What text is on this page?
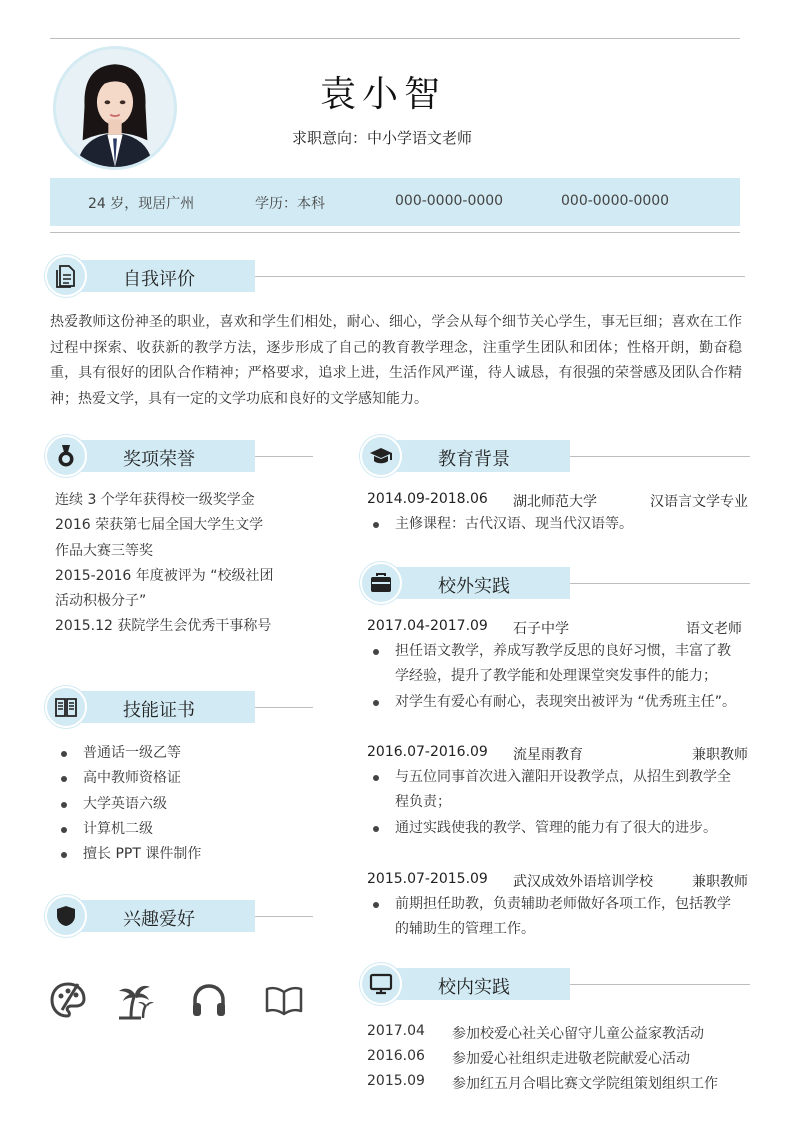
袁小智
求职意向：中小学语文老师
24 岁，现居广州	学历：本科	000-0000-0000	000-0000-0000
自我评价
热爱教师这份神圣的职业，喜欢和学生们相处，耐心、细心，学会从每个细节关心学生，事无巨细；喜欢在工作过程中探索、收获新的教学方法，逐步形成了自己的教育教学理念，注重学生团队和团体；性格开朗，勤奋稳重，具有很好的团队合作精神；严格要求，追求上进，生活作风严谨，待人诚恳，有很强的荣誉感及团队合作精神；热爱文学，具有一定的文学功底和良好的文学感知能力。
奖项荣誉
连续 3 个学年获得校一级奖学金
2016 荣获第七届全国大学生文学
作品大赛三等奖
2015-2016 年度被评为 “校级社团
活动积极分子”
2015.12 获院学生会优秀干事称号
技能证书
普通话一级乙等
高中教师资格证
大学英语六级
计算机二级
擅长 PPT 课件制作
兴趣爱好
教育背景
2014.09-2018.06 湖北师范大学	汉语言文学专业
主修课程：古代汉语、现当代汉语等。
校外实践
2017.04-2017.09 石子中学	语文老师
担任语文教学，养成写教学反思的良好习惯，丰富了教
学经验，提升了教学能和处理课堂突发事件的能力；
对学生有爱心有耐心，表现突出被评为 “优秀班主任”。
2016.07-2016.09 流星雨教育	兼职教师
与五位同事首次进入灌阳开设教学点，从招生到教学全
程负责；
通过实践使我的教学、管理的能力有了很大的进步。
2015.07-2015.09 武汉成效外语培训学校	兼职教师
前期担任助教，负责辅助老师做好各项工作，包括教学
的辅助生的管理工作。
校内实践
2017.04 参加校爱心社关心留守儿童公益家教活动
2016.06 参加爱心社组织走进敬老院献爱心活动
2015.09 参加红五月合唱比赛文学院组策划组织工作
